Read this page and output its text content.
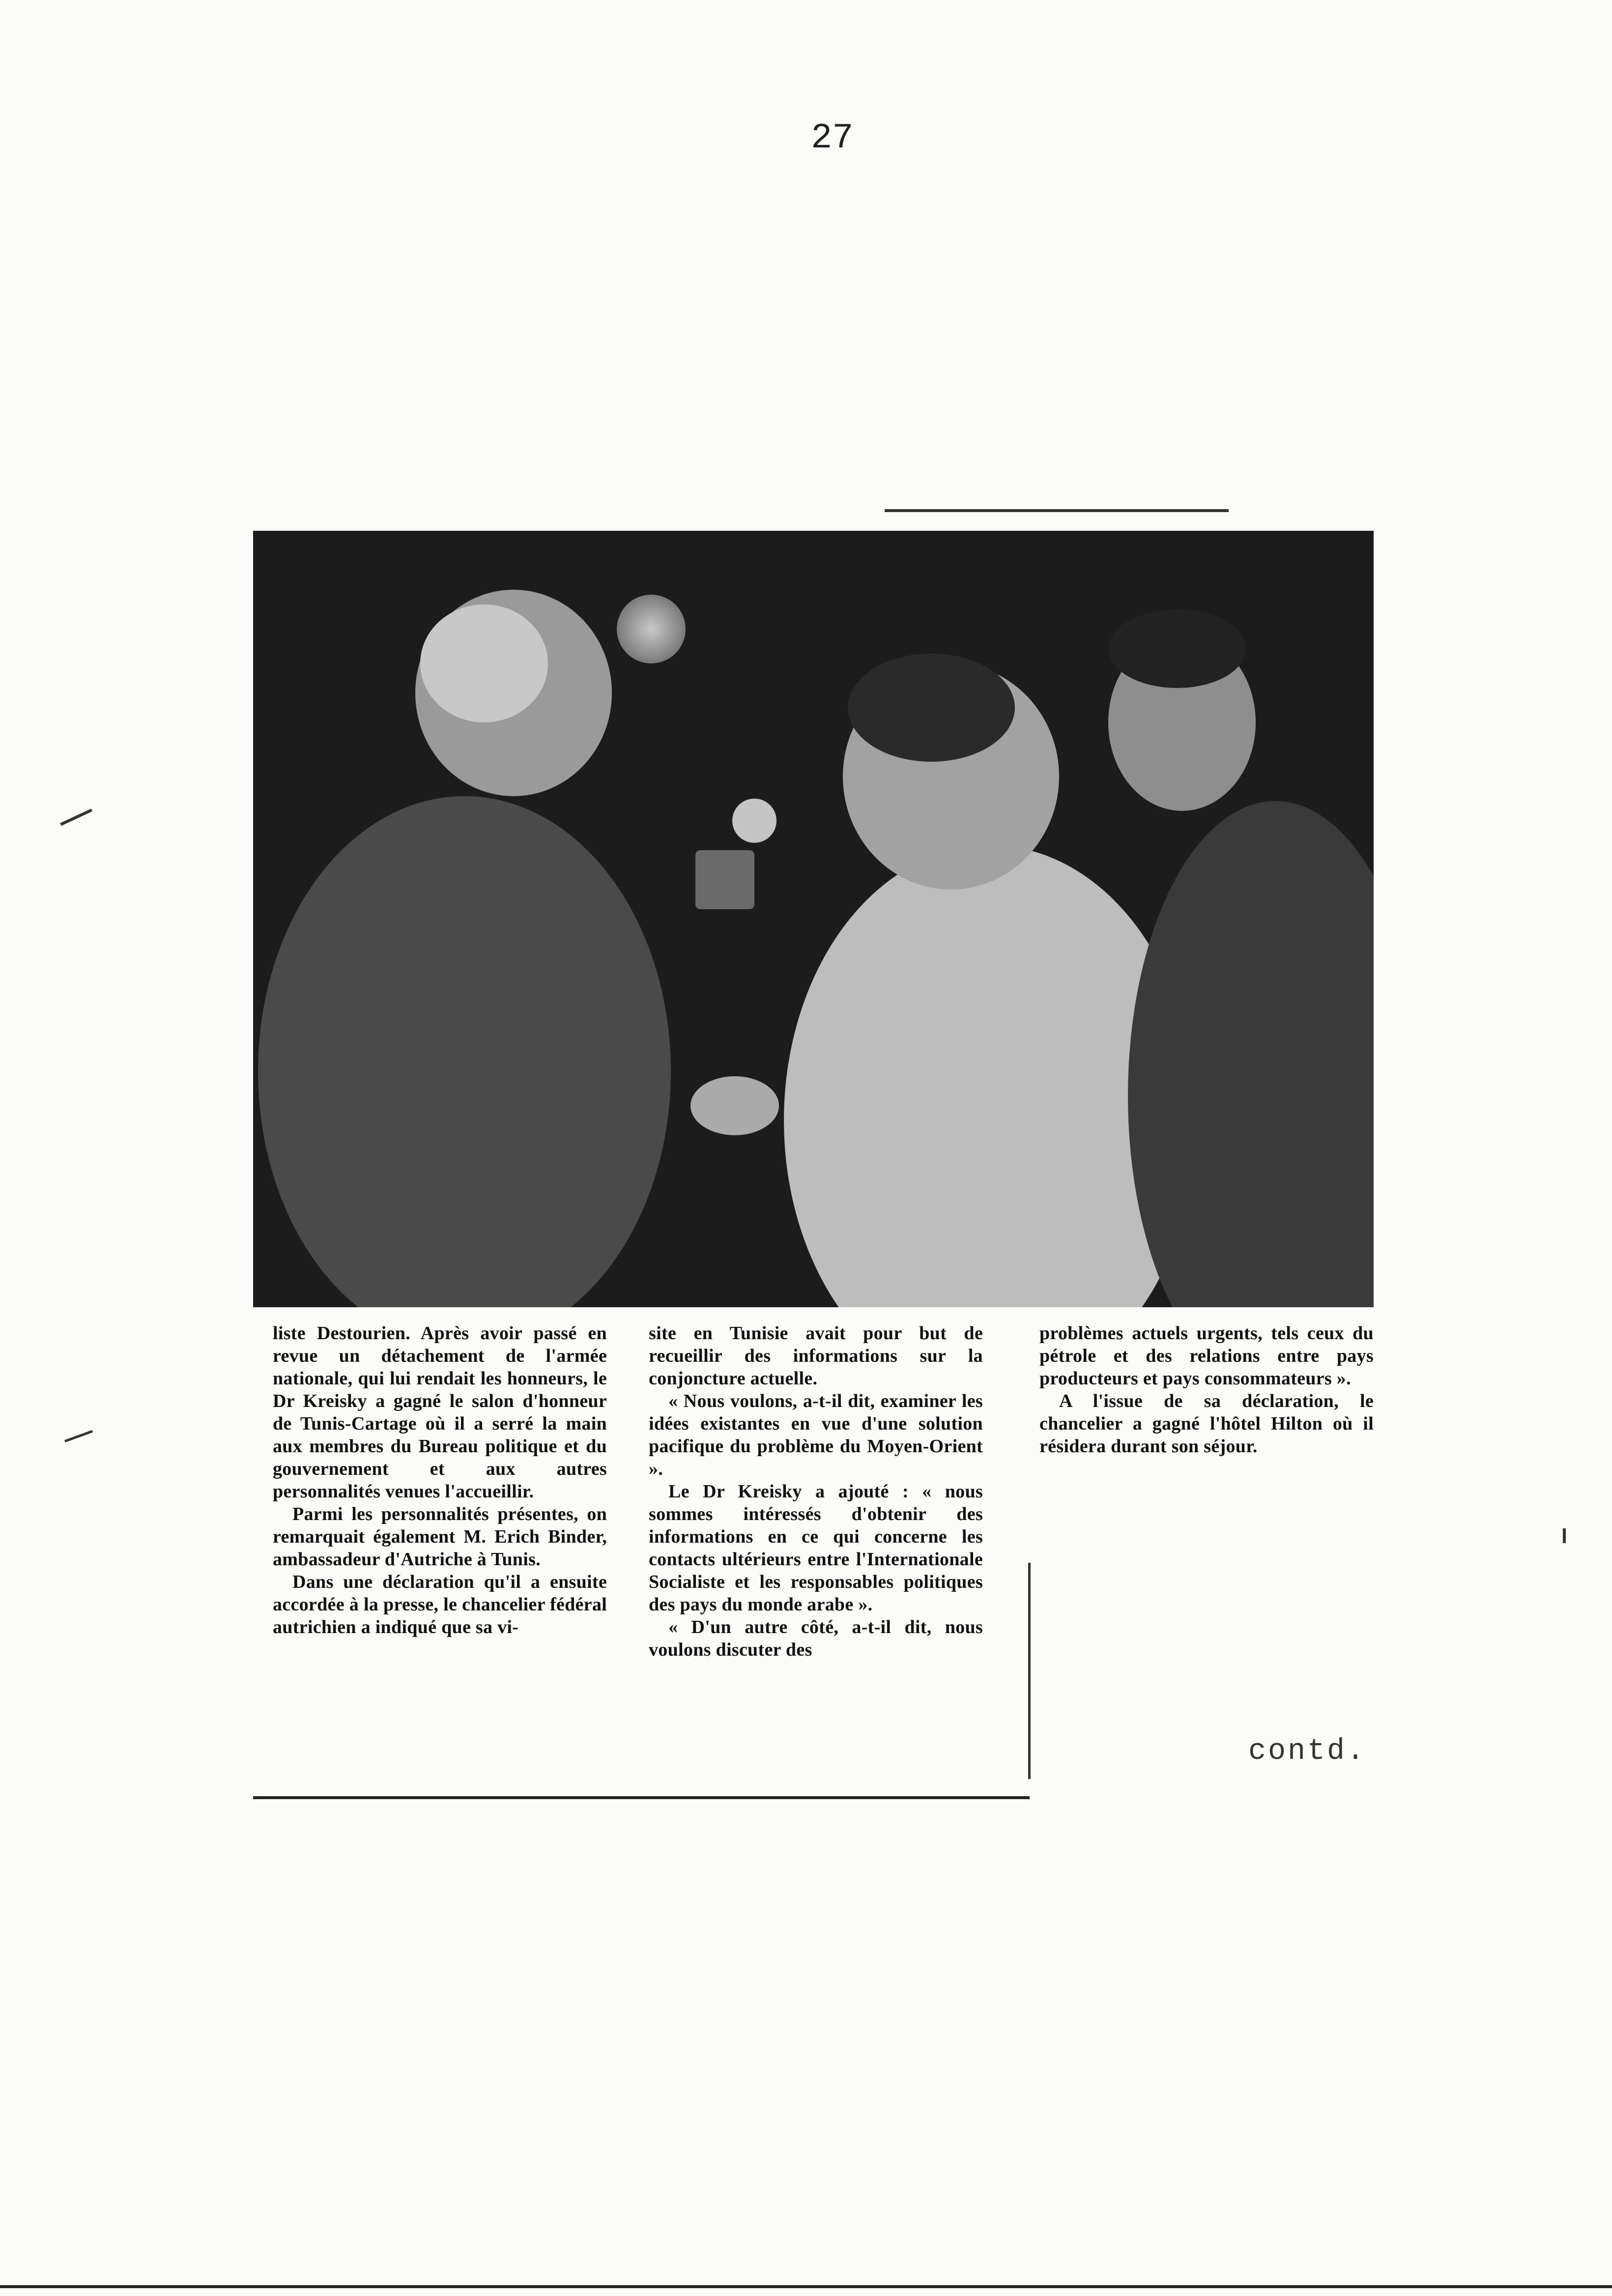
27

liste Destourien. Après avoir passé en revue un détachement de l'armée nationale, qui lui rendait les honneurs, le Dr Kreisky a gagné le salon d'honneur de Tunis-Cartage où il a serré la main aux membres du Bureau politique et du gouvernement et aux autres personnalités venues l'accueillir.

Parmi les personnalités présentes, on remarquait également M. Erich Binder, ambassadeur d'Autriche à Tunis.

Dans une déclaration qu'il a ensuite accordée à la presse, le chancelier fédéral autrichien a indiqué que sa vi-

site en Tunisie avait pour but de recueillir des informations sur la conjoncture actuelle.

« Nous voulons, a-t-il dit, examiner les idées existantes en vue d'une solution pacifique du problème du Moyen-Orient ».

Le Dr Kreisky a ajouté : « nous sommes intéressés d'obtenir des informations en ce qui concerne les contacts ultérieurs entre l'Internationale Socialiste et les responsables politiques des pays du monde arabe ».

« D'un autre côté, a-t-il dit, nous voulons discuter des

problèmes actuels urgents, tels ceux du pétrole et des relations entre pays producteurs et pays consommateurs ».

A l'issue de sa déclaration, le chancelier a gagné l'hôtel Hilton où il résidera durant son séjour.

contd.
